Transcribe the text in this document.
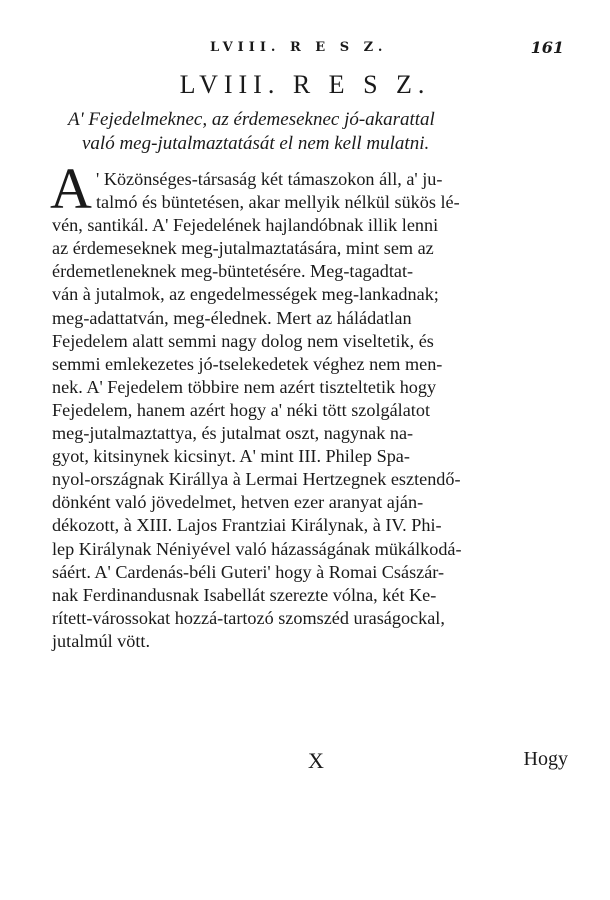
LVIII. R E S Z.	161
LVIII. R E S Z.
A' Fejedelmeknec, az érdemeseknec jó-akarattal
való meg-jutalmaztatását el nem kell mulatni.
A ' Közönséges-társaság két támaszokon áll, a' ju-
talmó és büntetésen, akar mellyik nélkül sükös lé-
vén, santikál. A' Fejedelének hajlandóbnak illik lenni
az érdemeseknek meg-jutalmaztatására, mint sem az
érdemetleneknek meg-büntetésére. Meg-tagadtat-
ván à jutalmok, az engedelmességek meg-lankadnak;
meg-adattatván, meg-élednek. Mert az háládatlan
Fejedelem alatt semmi nagy dolog nem viseltetik, és
semmi emlekezetes jó-tselekedetek véghez nem men-
nek. A' Fejedelem többire nem azért tiszteltetik hogy
Fejedelem, hanem azért hogy a' néki tött szolgálatot
meg-jutalmaztattya, és jutalmat oszt, nagynak na-
gyot, kitsinynek kicsinyt. A' mint III. Philep Spa-
nyol-országnak Királlya à Lermai Hertzegnek esztendő-
dönként való jövedelmet, hetven ezer aranyat aján-
dékozott, à XIII. Lajos Frantziai Királynak, à IV. Phi-
lep Királynak Néniyével való házasságának mükálkodá-
sáért. A' Cardenás-béli Guteri' hogy à Romai Császár-
nak Ferdinandusnak Isabellát szerezte vólna, két Ke-
rített-várossokat hozzá-tartozó szomszéd uraságockal,
jutalmúl vött.
X	Hogy
